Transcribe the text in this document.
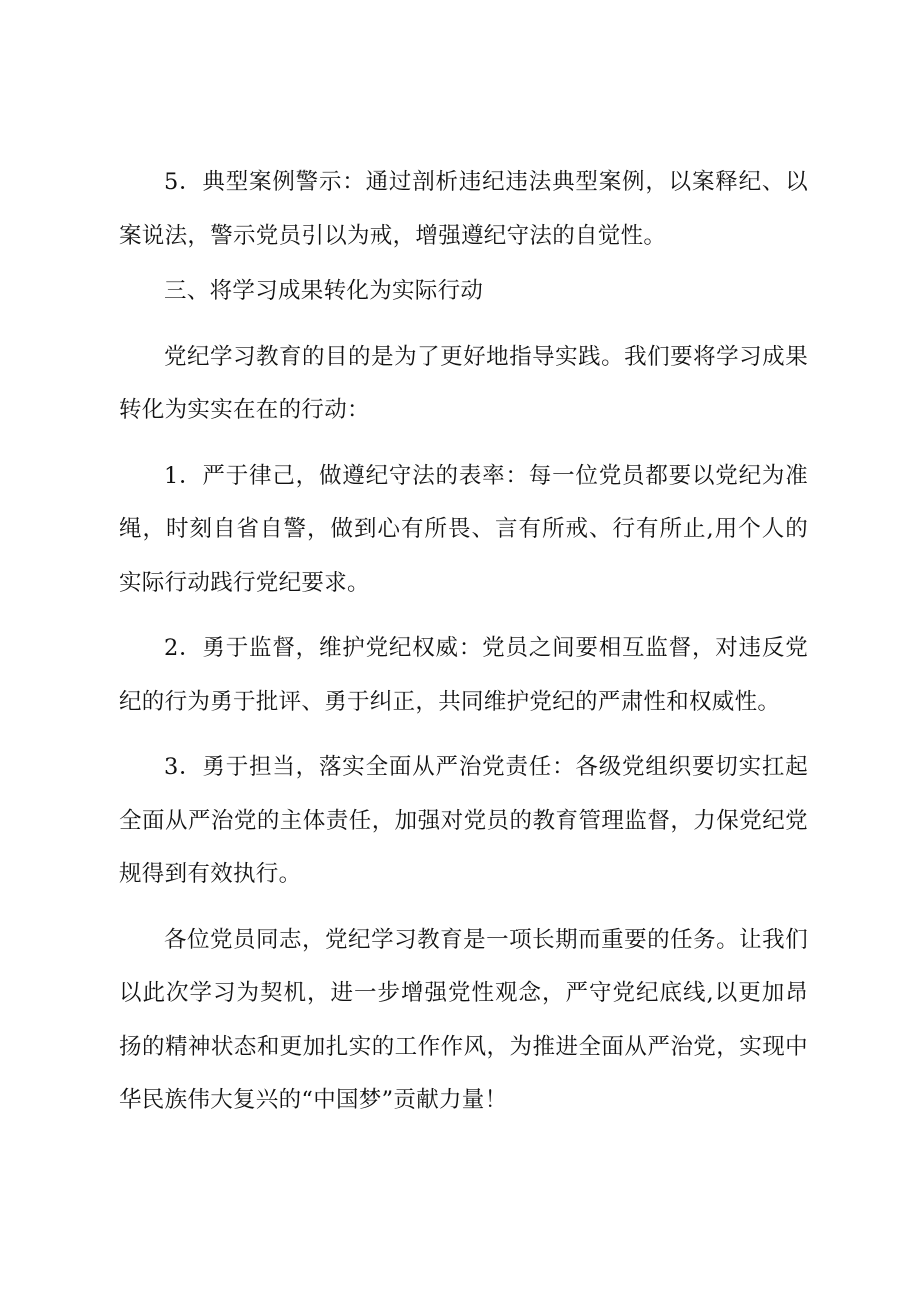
5．典型案例警示：通过剖析违纪违法典型案例，以案释纪、以案说法，警示党员引以为戒，增强遵纪守法的自觉性。

三、将学习成果转化为实际行动

党纪学习教育的目的是为了更好地指导实践。我们要将学习成果转化为实实在在的行动：

1．严于律己，做遵纪守法的表率：每一位党员都要以党纪为准绳，时刻自省自警，做到心有所畏、言有所戒、行有所止,用个人的实际行动践行党纪要求。

2．勇于监督，维护党纪权威：党员之间要相互监督，对违反党纪的行为勇于批评、勇于纠正，共同维护党纪的严肃性和权威性。

3．勇于担当，落实全面从严治党责任：各级党组织要切实扛起全面从严治党的主体责任，加强对党员的教育管理监督，力保党纪党规得到有效执行。

各位党员同志，党纪学习教育是一项长期而重要的任务。让我们以此次学习为契机，进一步增强党性观念，严守党纪底线,以更加昂扬的精神状态和更加扎实的工作作风，为推进全面从严治党，实现中华民族伟大复兴的“中国梦”贡献力量！
